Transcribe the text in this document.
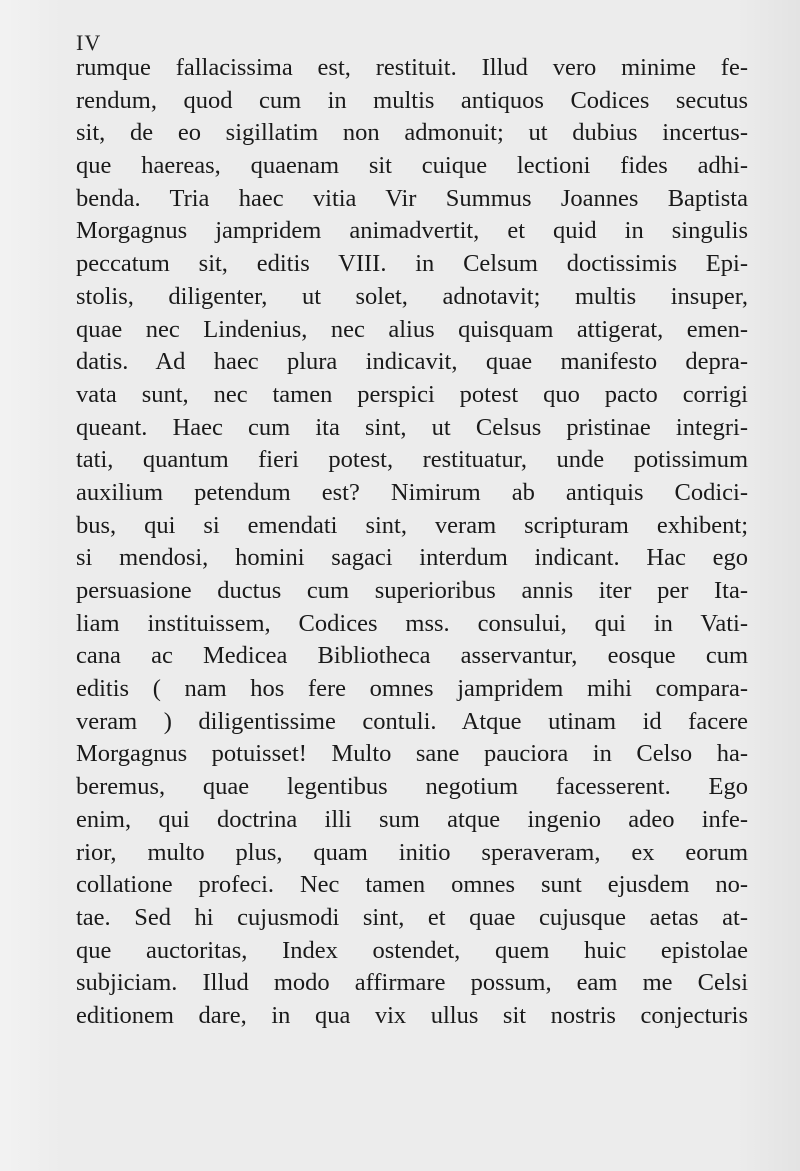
IV
rumque fallacissima est, restituit. Illud vero minime fe-
rendum, quod cum in multis antiquos Codices secutus
sit, de eo sigillatim non admonuit; ut dubius incertus-
que haereas, quaenam sit cuique lectioni fides adhi-
benda. Tria haec vitia Vir Summus Joannes Baptista
Morgagnus jampridem animadvertit, et quid in singulis
peccatum sit, editis VIII. in Celsum doctissimis Epi-
stolis, diligenter, ut solet, adnotavit; multis insuper,
quae nec Lindenius, nec alius quisquam attigerat, emen-
datis. Ad haec plura indicavit, quae manifesto depra-
vata sunt, nec tamen perspici potest quo pacto corrigi
queant. Haec cum ita sint, ut Celsus pristinae integri-
tati, quantum fieri potest, restituatur, unde potissimum
auxilium petendum est? Nimirum ab antiquis Codici-
bus, qui si emendati sint, veram scripturam exhibent;
si mendosi, homini sagaci interdum indicant. Hac ego
persuasione ductus cum superioribus annis iter per Ita-
liam instituissem, Codices mss. consului, qui in Vati-
cana ac Medicea Bibliotheca asservantur, eosque cum
editis ( nam hos fere omnes jampridem mihi compara-
veram ) diligentissime contuli. Atque utinam id facere
Morgagnus potuisset! Multo sane pauciora in Celso ha-
beremus, quae legentibus negotium facesserent. Ego
enim, qui doctrina illi sum atque ingenio adeo infe-
rior, multo plus, quam initio speraveram, ex eorum
collatione profeci. Nec tamen omnes sunt ejusdem no-
tae. Sed hi cujusmodi sint, et quae cujusque aetas at-
que auctoritas, Index ostendet, quem huic epistolae
subjiciam. Illud modo affirmare possum, eam me Celsi
editionem dare, in qua vix ullus sit nostris conjecturis
